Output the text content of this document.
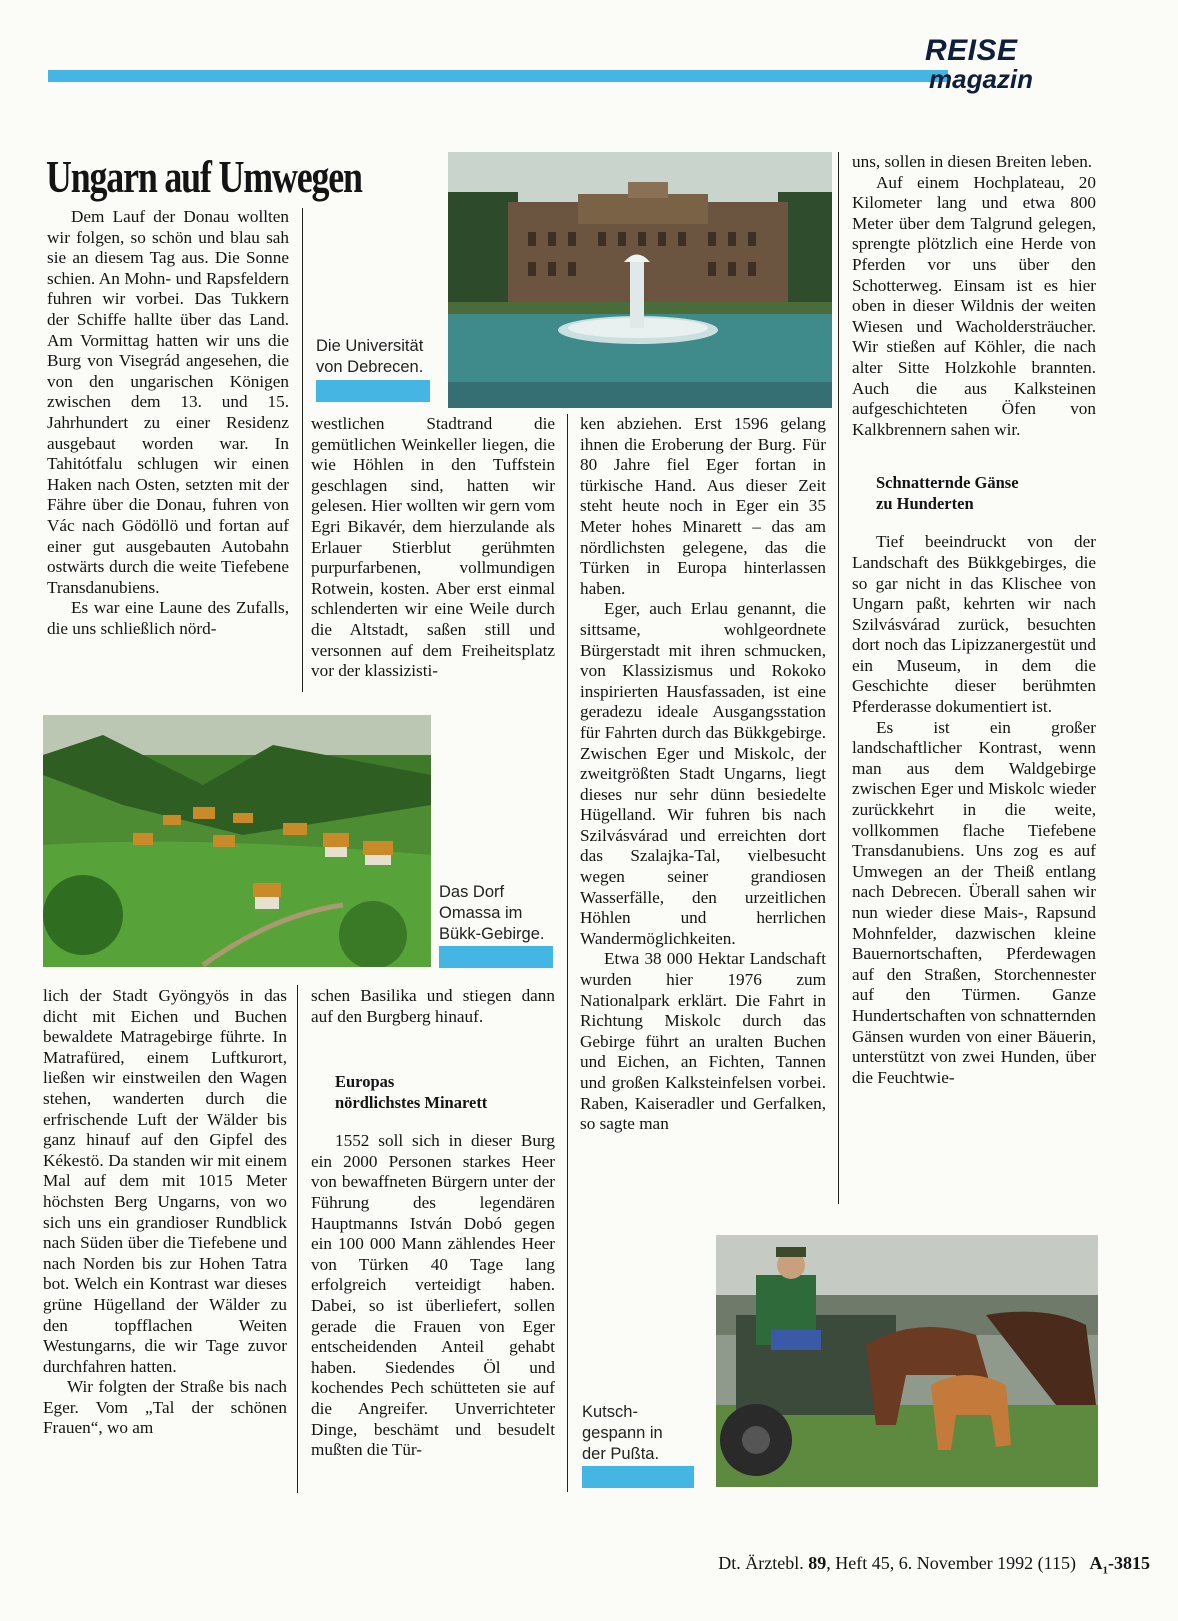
REISE
magazin
Ungarn auf Umwegen

Dem Lauf der Donau wollten wir folgen, so schön und blau sah sie an diesem Tag aus. Die Sonne schien. An Mohn- und Rapsfeldern fuhren wir vorbei. Das Tukkern der Schiffe hallte über das Land. Am Vormittag hatten wir uns die Burg von Visegrád angesehen, die von den ungarischen Königen zwischen dem 13. und 15. Jahrhundert zu einer Residenz ausgebaut worden war. In Tahitótfalu schlugen wir einen Haken nach Osten, setzten mit der Fähre über die Donau, fuhren von Vác nach Gödöllö und fortan auf einer gut ausgebauten Autobahn ostwärts durch die weite Tiefebene Transdanubiens.

Es war eine Laune des Zufalls, die uns schließlich nörd-

Die Universität
von Debrecen.

westlichen Stadtrand die gemütlichen Weinkeller liegen, die wie Höhlen in den Tuffstein geschlagen sind, hatten wir gelesen. Hier wollten wir gern vom Egri Bikavér, dem hierzulande als Erlauer Stierblut gerühmten purpurfarbenen, vollmundigen Rotwein, kosten. Aber erst einmal schlenderten wir eine Weile durch die Altstadt, saßen still und versonnen auf dem Freiheitsplatz vor der klassizisti-

Das Dorf
Omassa im
Bükk-Gebirge.

lich der Stadt Gyöngyös in das dicht mit Eichen und Buchen bewaldete Matragebirge führte. In Matrafüred, einem Luftkurort, ließen wir einstweilen den Wagen stehen, wanderten durch die erfrischende Luft der Wälder bis ganz hinauf auf den Gipfel des Kékestö. Da standen wir mit einem Mal auf dem mit 1015 Meter höchsten Berg Ungarns, von wo sich uns ein grandioser Rundblick nach Süden über die Tiefebene und nach Norden bis zur Hohen Tatra bot. Welch ein Kontrast war dieses grüne Hügelland der Wälder zu den topfflachen Weiten Westungarns, die wir Tage zuvor durchfahren hatten.

Wir folgten der Straße bis nach Eger. Vom „Tal der schönen Frauen“, wo am

schen Basilika und stiegen dann auf den Burgberg hinauf.

Europas
nördlichstes Minarett

1552 soll sich in dieser Burg ein 2000 Personen starkes Heer von bewaffneten Bürgern unter der Führung des legendären Hauptmanns István Dobó gegen ein 100 000 Mann zählendes Heer von Türken 40 Tage lang erfolgreich verteidigt haben. Dabei, so ist überliefert, sollen gerade die Frauen von Eger entscheidenden Anteil gehabt haben. Siedendes Öl und kochendes Pech schütteten sie auf die Angreifer. Unverrichteter Dinge, beschämt und besudelt mußten die Tür-

ken abziehen. Erst 1596 gelang ihnen die Eroberung der Burg. Für 80 Jahre fiel Eger fortan in türkische Hand. Aus dieser Zeit steht heute noch in Eger ein 35 Meter hohes Minarett – das am nördlichsten gelegene, das die Türken in Europa hinterlassen haben.

Eger, auch Erlau genannt, die sittsame, wohlgeordnete Bürgerstadt mit ihren schmucken, von Klassizismus und Rokoko inspirierten Hausfassaden, ist eine geradezu ideale Ausgangsstation für Fahrten durch das Bükkgebirge. Zwischen Eger und Miskolc, der zweitgrößten Stadt Ungarns, liegt dieses nur sehr dünn besiedelte Hügelland. Wir fuhren bis nach Szilvásvárad und erreichten dort das Szalajka-Tal, vielbesucht wegen seiner grandiosen Wasserfälle, den urzeitlichen Höhlen und herrlichen Wandermöglichkeiten.

Etwa 38 000 Hektar Landschaft wurden hier 1976 zum Nationalpark erklärt. Die Fahrt in Richtung Miskolc durch das Gebirge führt an uralten Buchen und Eichen, an Fichten, Tannen und großen Kalksteinfelsen vorbei. Raben, Kaiseradler und Gerfalken, so sagte man

uns, sollen in diesen Breiten leben.

Auf einem Hochplateau, 20 Kilometer lang und etwa 800 Meter über dem Talgrund gelegen, sprengte plötzlich eine Herde von Pferden vor uns über den Schotterweg. Einsam ist es hier oben in dieser Wildnis der weiten Wiesen und Wacholdersträucher. Wir stießen auf Köhler, die nach alter Sitte Holzkohle brannten. Auch die aus Kalksteinen aufgeschichteten Öfen von Kalkbrennern sahen wir.

Schnatternde Gänse
zu Hunderten

Tief beeindruckt von der Landschaft des Bükkgebirges, die so gar nicht in das Klischee von Ungarn paßt, kehrten wir nach Szilvásvárad zurück, besuchten dort noch das Lipizzanergestüt und ein Museum, in dem die Geschichte dieser berühmten Pferderasse dokumentiert ist.

Es ist ein großer landschaftlicher Kontrast, wenn man aus dem Waldgebirge zwischen Eger und Miskolc wieder zurückkehrt in die weite, vollkommen flache Tiefebene Transdanubiens. Uns zog es auf Umwegen an der Theiß entlang nach Debrecen. Überall sahen wir nun wieder diese Mais-, Rapsund Mohnfelder, dazwischen kleine Bauernortschaften, Pferdewagen auf den Straßen, Storchennester auf den Türmen. Ganze Hundertschaften von schnatternden Gänsen wurden von einer Bäuerin, unterstützt von zwei Hunden, über die Feuchtwie-

Kutsch-
gespann in
der Pußta.
Dt. Ärztebl. 89, Heft 45, 6. November 1992 (115) $A_1-3815$
